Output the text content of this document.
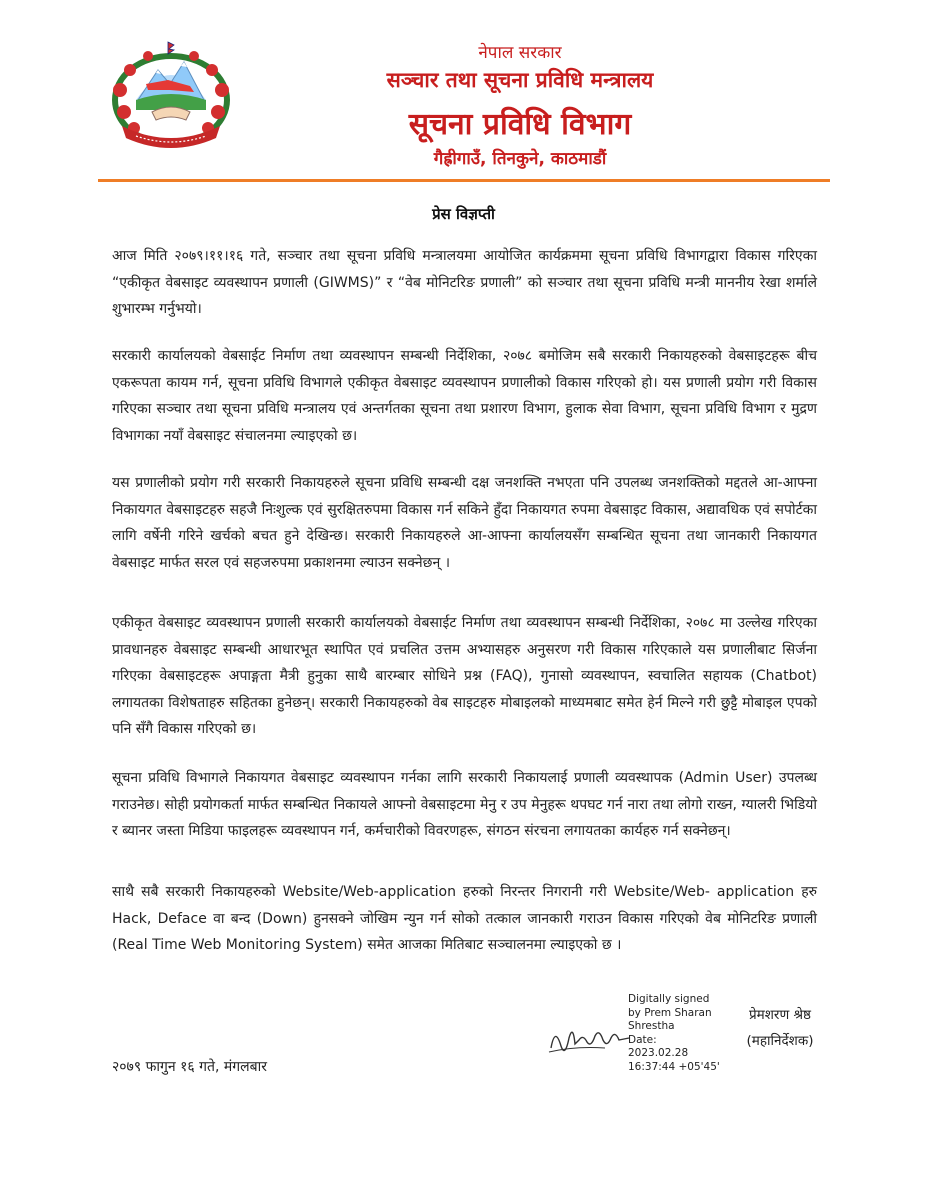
नेपाल सरकार
सञ्चार तथा सूचना प्रविधि मन्त्रालय
सूचना प्रविधि विभाग
गैह्रीगाउँ, तिनकुने, काठमाडौं
प्रेस विज्ञप्ती
आज मिति २०७९।११।१६ गते, सञ्चार तथा सूचना प्रविधि मन्त्रालयमा आयोजित कार्यक्रममा सूचना प्रविधि विभागद्वारा विकास गरिएका “एकीकृत वेबसाइट व्यवस्थापन प्रणाली (GIWMS)” र “वेब मोनिटरिङ प्रणाली” को सञ्चार तथा सूचना प्रविधि मन्त्री माननीय रेखा शर्माले शुभारम्भ गर्नुभयो।
सरकारी कार्यालयको वेबसाईट निर्माण तथा व्यवस्थापन सम्बन्धी निर्देशिका, २०७८ बमोजिम सबै सरकारी निकायहरुको वेबसाइटहरू बीच एकरूपता कायम गर्न, सूचना प्रविधि विभागले एकीकृत वेबसाइट व्यवस्थापन प्रणालीको विकास गरिएको हो। यस प्रणाली प्रयोग गरी विकास गरिएका सञ्चार तथा सूचना प्रविधि मन्त्रालय एवं अन्तर्गतका सूचना तथा प्रशारण विभाग, हुलाक सेवा विभाग, सूचना प्रविधि विभाग र मुद्रण विभागका नयाँ वेबसाइट संचालनमा ल्याइएको छ।
यस प्रणालीको प्रयोग गरी सरकारी निकायहरुले सूचना प्रविधि सम्बन्धी दक्ष जनशक्ति नभएता पनि उपलब्ध जनशक्तिको मद्दतले आ-आफ्ना निकायगत वेबसाइटहरु सहजै निःशुल्क एवं सुरक्षितरुपमा विकास गर्न सकिने हुँदा निकायगत रुपमा वेबसाइट विकास, अद्यावधिक एवं सपोर्टका लागि वर्षेनी गरिने खर्चको बचत हुने देखिन्छ। सरकारी निकायहरुले आ-आफ्ना कार्यालयसँग सम्बन्धित सूचना तथा जानकारी निकायगत वेबसाइट मार्फत सरल एवं सहजरुपमा प्रकाशनमा ल्याउन सक्नेछन् ।
एकीकृत वेबसाइट व्यवस्थापन प्रणाली सरकारी कार्यालयको वेबसाईट निर्माण तथा व्यवस्थापन सम्बन्धी निर्देशिका, २०७८ मा उल्लेख गरिएका प्रावधानहरु वेबसाइट सम्बन्धी आधारभूत स्थापित एवं प्रचलित उत्तम अभ्यासहरु अनुसरण गरी विकास गरिएकाले यस प्रणालीबाट सिर्जना गरिएका वेबसाइटहरू अपाङ्गता मैत्री हुनुका साथै बारम्बार सोधिने प्रश्न (FAQ), गुनासो व्यवस्थापन, स्वचालित सहायक (Chatbot) लगायतका विशेषताहरु सहितका हुनेछन्। सरकारी निकायहरुको वेब साइटहरु मोबाइलको माध्यमबाट समेत हेर्न मिल्ने गरी छुट्टै मोबाइल एपको पनि सँगै विकास गरिएको छ।
सूचना प्रविधि विभागले निकायगत वेबसाइट व्यवस्थापन गर्नका लागि सरकारी निकायलाई प्रणाली व्यवस्थापक (Admin User) उपलब्ध गराउनेछ। सोही प्रयोगकर्ता मार्फत सम्बन्धित निकायले आफ्नो वेबसाइटमा मेनु र उप मेनुहरू थपघट गर्न नारा तथा लोगो राख्न, ग्यालरी भिडियो र ब्यानर जस्ता मिडिया फाइलहरू व्यवस्थापन गर्न, कर्मचारीको विवरणहरू, संगठन संरचना लगायतका कार्यहरु गर्न सक्नेछन्।
साथै सबै सरकारी निकायहरुको Website/Web-application हरुको निरन्तर निगरानी गरी Website/Web- application हरु Hack, Deface वा बन्द (Down) हुनसक्ने जोखिम न्युन गर्न सोको तत्काल जानकारी गराउन विकास गरिएको वेब मोनिटरिङ प्रणाली (Real Time Web Monitoring System) समेत आजका मितिबाट सञ्चालनमा ल्याइएको छ ।
Digitally signed
by Prem Sharan
Shrestha
Date:
2023.02.28
16:37:44 +05'45'
प्रेमशरण श्रेष्ठ
(महानिर्देशक)
२०७९ फागुन १६ गते, मंगलबार
